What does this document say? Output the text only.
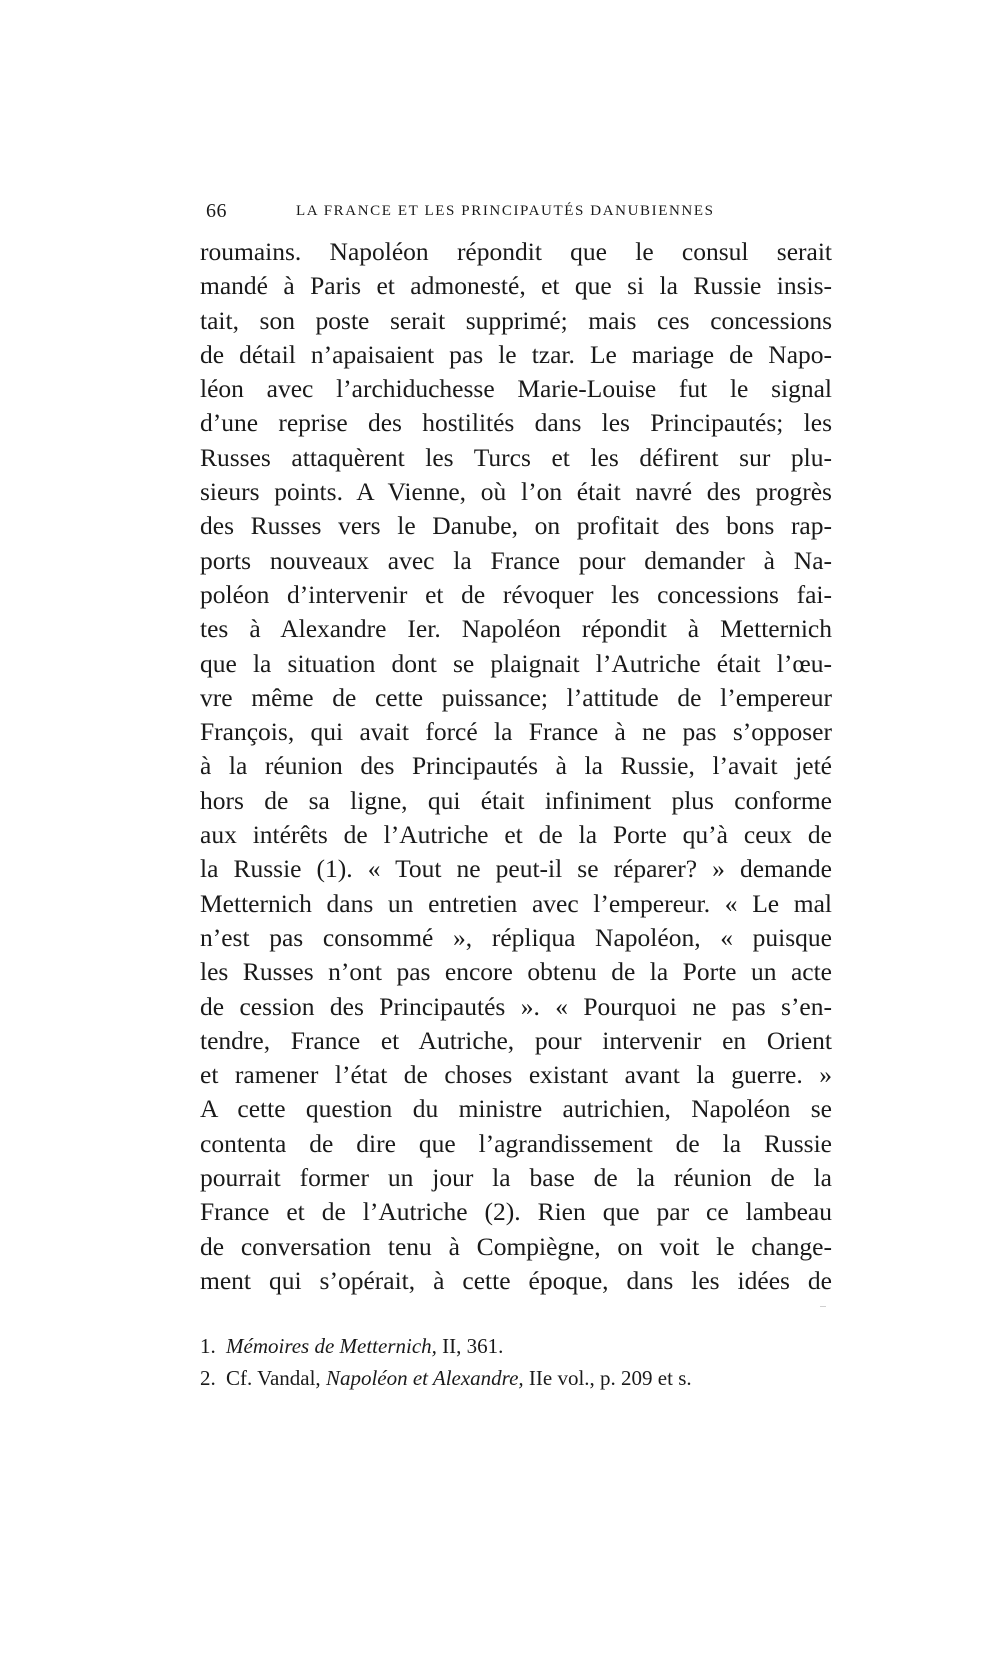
66	LA FRANCE ET LES PRINCIPAUTÉS DANUBIENNES
roumains. Napoléon répondit que le consul serait
mandé à Paris et admonesté, et que si la Russie insis-
tait, son poste serait supprimé; mais ces concessions
de détail n’apaisaient pas le tzar. Le mariage de Napo-
léon avec l’archiduchesse Marie-Louise fut le signal
d’une reprise des hostilités dans les Principautés; les
Russes attaquèrent les Turcs et les défirent sur plu-
sieurs points. A Vienne, où l’on était navré des progrès
des Russes vers le Danube, on profitait des bons rap-
ports nouveaux avec la France pour demander à Na-
poléon d’intervenir et de révoquer les concessions fai-
tes à Alexandre Ier. Napoléon répondit à Metternich
que la situation dont se plaignait l’Autriche était l’œu-
vre même de cette puissance; l’attitude de l’empereur
François, qui avait forcé la France à ne pas s’opposer
à la réunion des Principautés à la Russie, l’avait jeté
hors de sa ligne, qui était infiniment plus conforme
aux intérêts de l’Autriche et de la Porte qu’à ceux de
la Russie (1). « Tout ne peut-il se réparer? » demande
Metternich dans un entretien avec l’empereur. « Le mal
n’est pas consommé », répliqua Napoléon, « puisque
les Russes n’ont pas encore obtenu de la Porte un acte
de cession des Principautés ». « Pourquoi ne pas s’en-
tendre, France et Autriche, pour intervenir en Orient
et ramener l’état de choses existant avant la guerre. »
A cette question du ministre autrichien, Napoléon se
contenta de dire que l’agrandissement de la Russie
pourrait former un jour la base de la réunion de la
France et de l’Autriche (2). Rien que par ce lambeau
de conversation tenu à Compiègne, on voit le change-
ment qui s’opérait, à cette époque, dans les idées de
1. Mémoires de Metternich, II, 361.
2. Cf. Vandal, Napoléon et Alexandre, IIe vol., p. 209 et s.
